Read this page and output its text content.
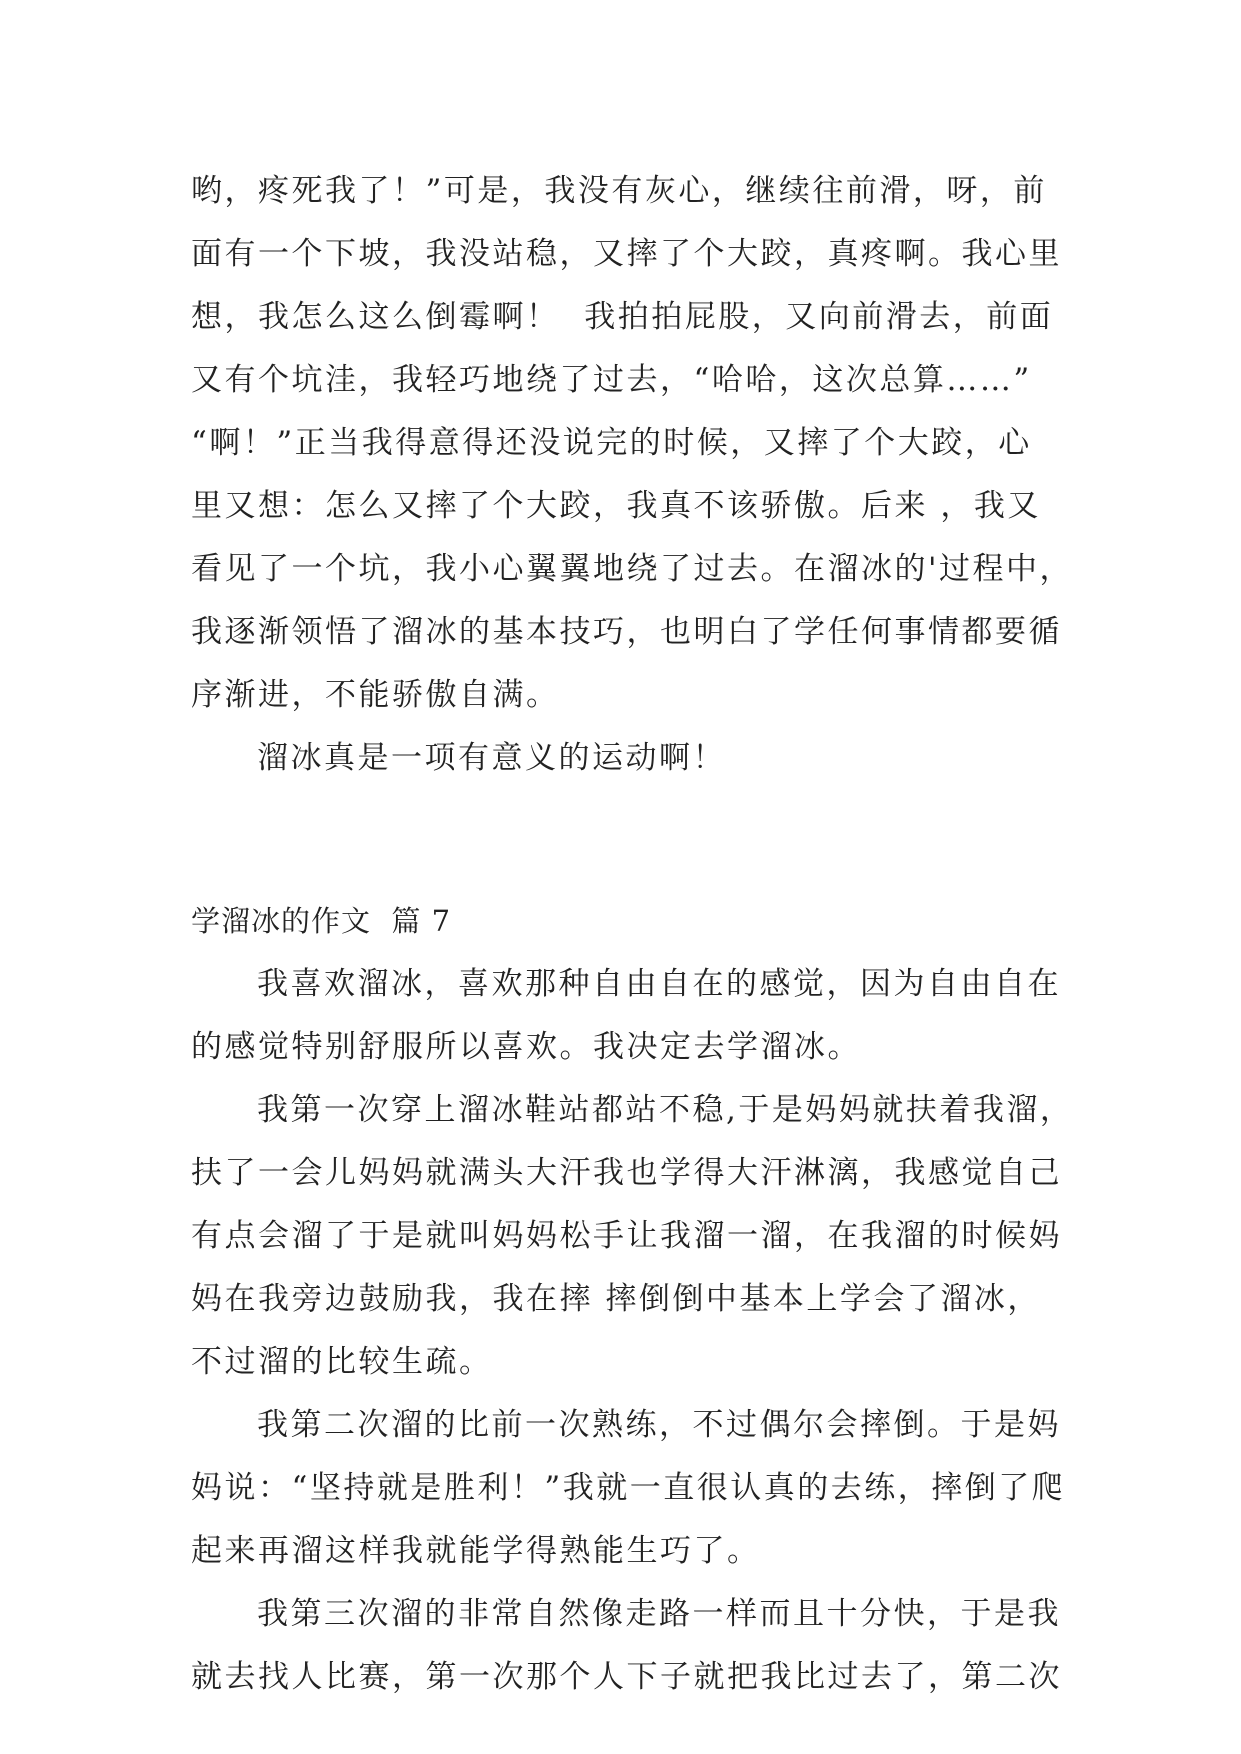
哟，疼死我了！”可是，我没有灰心，继续往前滑，呀，前
面有一个下坡，我没站稳，又摔了个大跤，真疼啊。我心里
想，我怎么这么倒霉啊！  我拍拍屁股，又向前滑去，前面
又有个坑洼，我轻巧地绕了过去，“哈哈，这次总算……”
“啊！”正当我得意得还没说完的时候，又摔了个大跤，心
里又想：怎么又摔了个大跤，我真不该骄傲。后来 ，我又
看见了一个坑，我小心翼翼地绕了过去。在溜冰的'过程中，
我逐渐领悟了溜冰的基本技巧，也明白了学任何事情都要循
序渐进，不能骄傲自满。
溜冰真是一项有意义的运动啊！
学溜冰的作文  篇 7
我喜欢溜冰，喜欢那种自由自在的感觉，因为自由自在
的感觉特别舒服所以喜欢。我决定去学溜冰。
我第一次穿上溜冰鞋站都站不稳,于是妈妈就扶着我溜，
扶了一会儿妈妈就满头大汗我也学得大汗淋漓，我感觉自己
有点会溜了于是就叫妈妈松手让我溜一溜，在我溜的时候妈
妈在我旁边鼓励我，我在摔 摔倒倒中基本上学会了溜冰，
不过溜的比较生疏。
我第二次溜的比前一次熟练，不过偶尔会摔倒。于是妈
妈说：“坚持就是胜利！”我就一直很认真的去练，摔倒了爬
起来再溜这样我就能学得熟能生巧了。
我第三次溜的非常自然像走路一样而且十分快，于是我
就去找人比赛，第一次那个人下子就把我比过去了，第二次
